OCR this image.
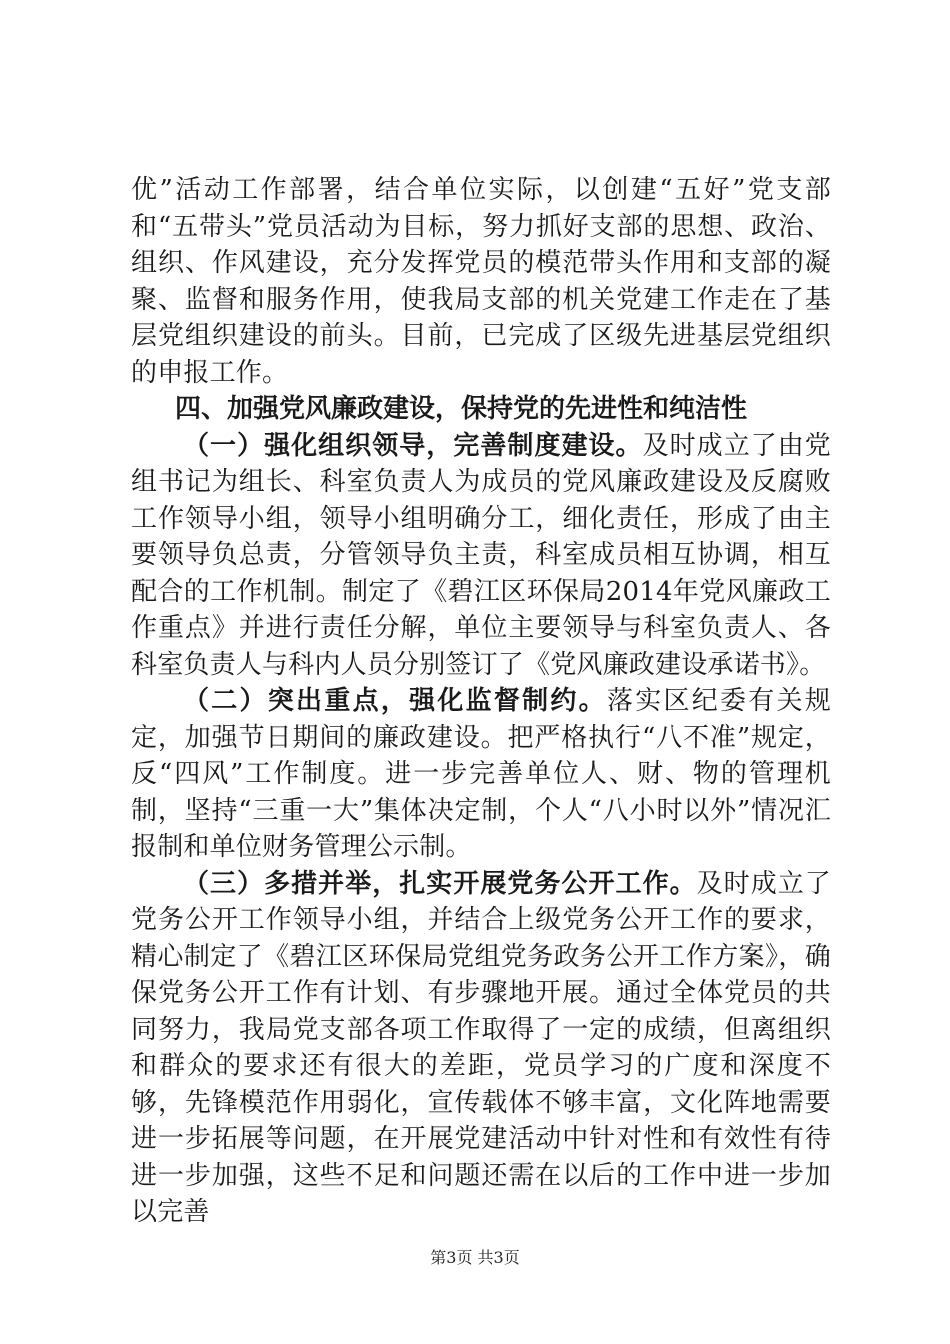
优”活动工作部署，结合单位实际，以创建“五好”党支部和“五带头”党员活动为目标，努力抓好支部的思想、政治、组织、作风建设，充分发挥党员的模范带头作用和支部的凝聚、监督和服务作用，使我局支部的机关党建工作走在了基层党组织建设的前头。目前，已完成了区级先进基层党组织的申报工作。

四、加强党风廉政建设，保持党的先进性和纯洁性

（一）强化组织领导，完善制度建设。及时成立了由党组书记为组长、科室负责人为成员的党风廉政建设及反腐败工作领导小组，领导小组明确分工，细化责任，形成了由主要领导负总责，分管领导负主责，科室成员相互协调，相互配合的工作机制。制定了《碧江区环保局2014年党风廉政工作重点》并进行责任分解，单位主要领导与科室负责人、各科室负责人与科内人员分别签订了《党风廉政建设承诺书》。

（二）突出重点，强化监督制约。落实区纪委有关规定，加强节日期间的廉政建设。把严格执行“八不准”规定，反“四风”工作制度。进一步完善单位人、财、物的管理机制，坚持“三重一大”集体决定制，个人“八小时以外”情况汇报制和单位财务管理公示制。

（三）多措并举，扎实开展党务公开工作。及时成立了党务公开工作领导小组，并结合上级党务公开工作的要求，精心制定了《碧江区环保局党组党务政务公开工作方案》，确保党务公开工作有计划、有步骤地开展。通过全体党员的共同努力，我局党支部各项工作取得了一定的成绩，但离组织和群众的要求还有很大的差距，党员学习的广度和深度不够，先锋模范作用弱化，宣传载体不够丰富，文化阵地需要进一步拓展等问题，在开展党建活动中针对性和有效性有待进一步加强，这些不足和问题还需在以后的工作中进一步加以完善

第3页 共3页
